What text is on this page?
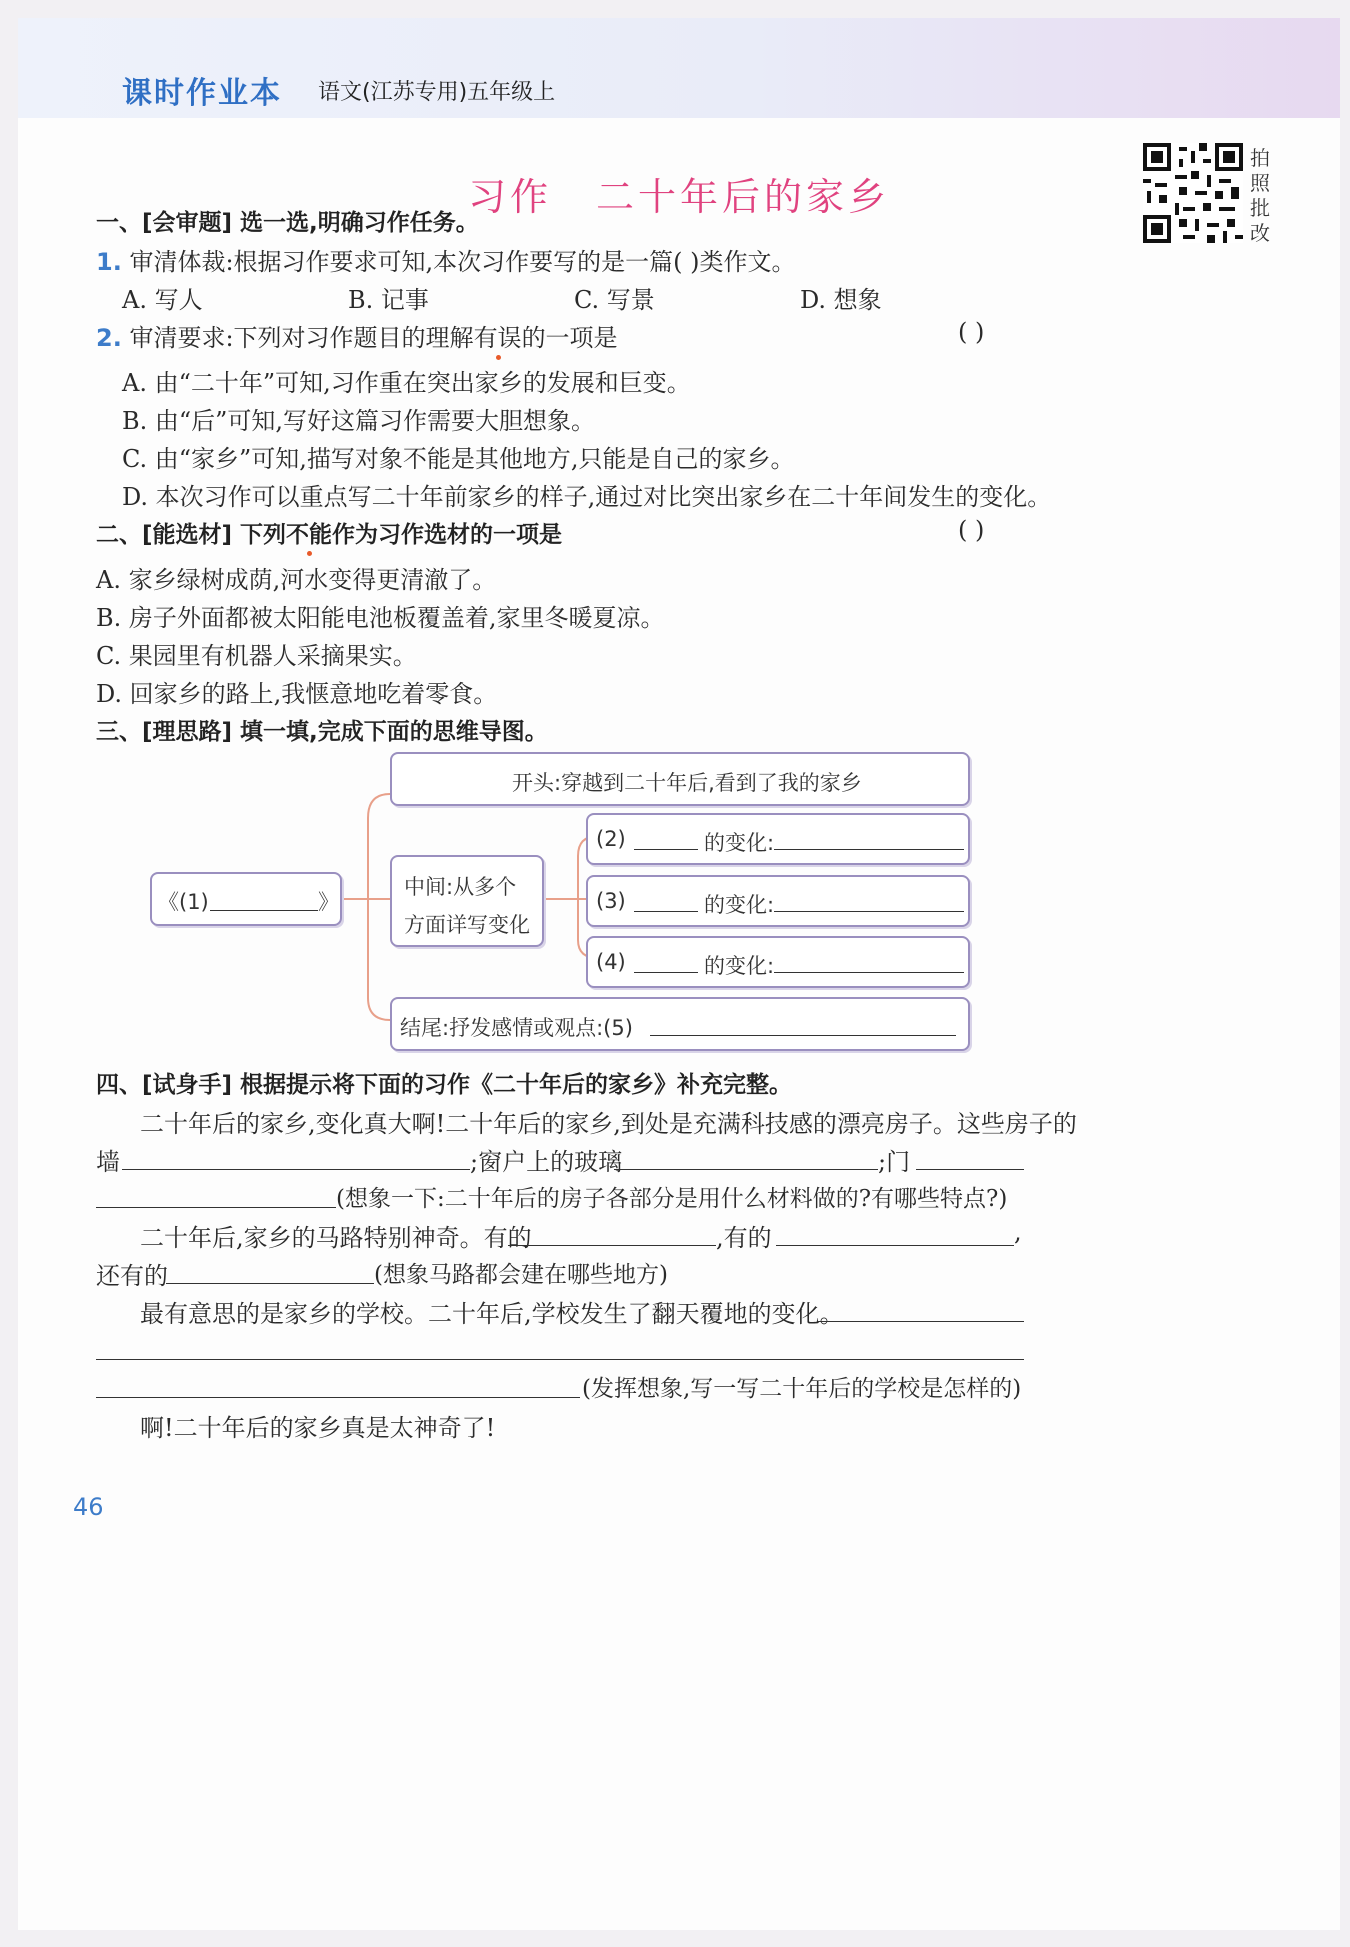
课时作业本 语文(江苏专用)五年级上
习作 二十年后的家乡
拍照批改
一、[会审题] 选一选,明确习作任务。
1. 审清体裁:根据习作要求可知,本次习作要写的是一篇( )类作文。
A. 写人	B. 记事	C. 写景	D. 想象
2. 审清要求:下列对习作题目的理解有误的一项是	( )
A. 由“二十年”可知,习作重在突出家乡的发展和巨变。
B. 由“后”可知,写好这篇习作需要大胆想象。
C. 由“家乡”可知,描写对象不能是其他地方,只能是自己的家乡。
D. 本次习作可以重点写二十年前家乡的样子,通过对比突出家乡在二十年间发生的变化。
二、[能选材] 下列不能作为习作选材的一项是	( )
A. 家乡绿树成荫,河水变得更清澈了。
B. 房子外面都被太阳能电池板覆盖着,家里冬暖夏凉。
C. 果园里有机器人采摘果实。
D. 回家乡的路上,我惬意地吃着零食。
三、[理思路] 填一填,完成下面的思维导图。
《(1)	》
开头:穿越到二十年后,看到了我的家乡
中间:从多个
方面详写变化
(2)	的变化:
(3)	的变化:
(4)	的变化:
结尾:抒发感情或观点:(5)
四、[试身手] 根据提示将下面的习作《二十年后的家乡》补充完整。
二十年后的家乡,变化真大啊!二十年后的家乡,到处是充满科技感的漂亮房子。这些房子的
墙	;窗户上的玻璃	;门
(想象一下:二十年后的房子各部分是用什么材料做的?有哪些特点?)
二十年后,家乡的马路特别神奇。有的	,有的	,
还有的	(想象马路都会建在哪些地方)
最有意思的是家乡的学校。二十年后,学校发生了翻天覆地的变化。
(发挥想象,写一写二十年后的学校是怎样的)
啊!二十年后的家乡真是太神奇了!
46
